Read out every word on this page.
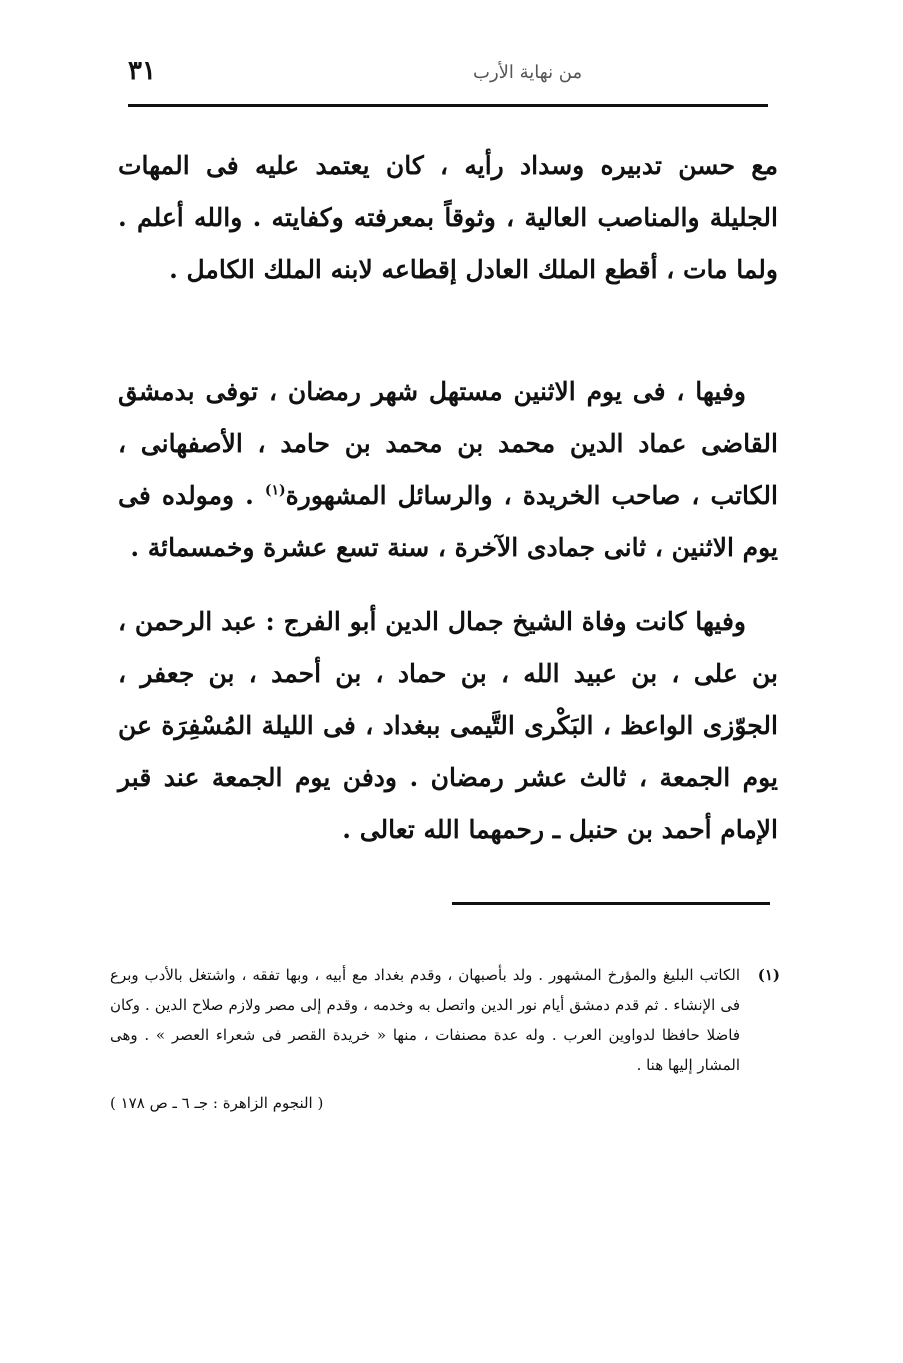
٣١	من نهاية الأرب

مع حسن تدبيره وسداد رأيه ، كان يعتمد عليه فى المهات الجليلة والمناصب العالية ، وثوقاً بمعرفته وكفايته . والله أعلم . ولما مات ، أقطع الملك العادل إقطاعه لابنه الملك الكامل .

وفيها ، فى يوم الاثنين مستهل شهر رمضان ، توفى بدمشق القاضى عماد الدين محمد بن محمد بن حامد ، الأصفهانى ، الكاتب ، صاحب الخريدة ، والرسائل المشهورة$^{(١)}$ . ومولده فى يوم الاثنين ، ثانى جمادى الآخرة ، سنة تسع عشرة وخمسمائة .

وفيها كانت وفاة الشيخ جمال الدين أبو الفرج : عبد الرحمن ، بن على ، بن عبيد الله ، بن حماد ، بن أحمد ، بن جعفر ، الجوّزى الواعظ ، البَكْرى التَّيمى ببغداد ، فى الليلة المُسْفِرَة عن يوم الجمعة ، ثالث عشر رمضان . ودفن يوم الجمعة عند قبر الإمام أحمد بن حنبل ـ رحمهما الله تعالى .

(١)

الكاتب البليغ والمؤرخ المشهور . ولد بأصبهان ، وقدم بغداد مع أبيه ، وبها تفقه ، واشتغل بالأدب وبرع فى الإنشاء . ثم قدم دمشق أيام نور الدين واتصل به وخدمه ، وقدم إلى مصر ولازم صلاح الدين . وكان فاضلا حافظا لدواوين العرب . وله عدة مصنفات ، منها « خريدة القصر فى شعراء العصر » . وهى المشار إليها هنا .

( النجوم الزاهرة : جـ ٦ ـ ص ١٧٨ )
